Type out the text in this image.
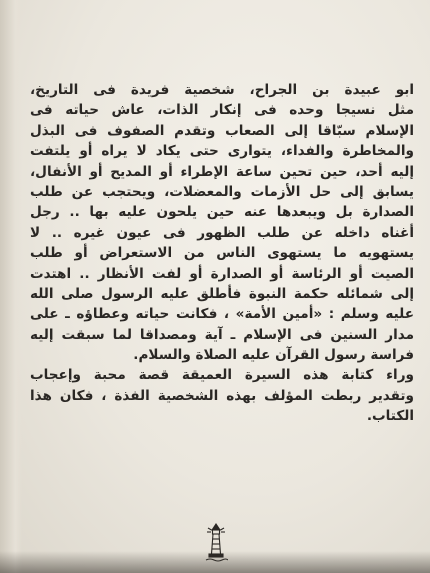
ابو عبيدة بن الجراح، شخصية فريدة فى التاريخ،
مثل نسيجا وحده فى إنكار الذات، عاش حياته فى
الإسلام سبّاقا إلى الصعاب وتقدم الصفوف فى البذل
والمخاطرة والفداء، يتوارى حتى يكاد لا يراه أو يلتفت
إليه أحد، حين تحين ساعة الإطراء أو المديح أو الأنفال،
يسابق إلى حل الأزمات والمعضلات، ويحتجب عن طلب
الصدارة بل ويبعدها عنه حين يلحون عليه بها .. رجل
أغناه داخله عن طلب الظهور فى عيون غيره .. لا
يستهويه ما يستهوى الناس من الاستعراض أو طلب
الصيت أو الرئاسة أو الصدارة أو لفت الأنظار .. اهتدت
إلى شمائله حكمة النبوة فأطلق عليه الرسول صلى الله
عليه وسلم : «أمين الأمة» ، فكانت حياته وعطاؤه ـ على
مدار السنين فى الإسلام ـ آية ومصداقا لما سبقت إليه
فراسة رسول القرآن عليه الصلاة والسلام.
وراء كتابة هذه السيرة العميقة قصة محبة وإعجاب
وتقدير ربطت المؤلف بهذه الشخصية الفذة ، فكان هذا
الكتاب.
